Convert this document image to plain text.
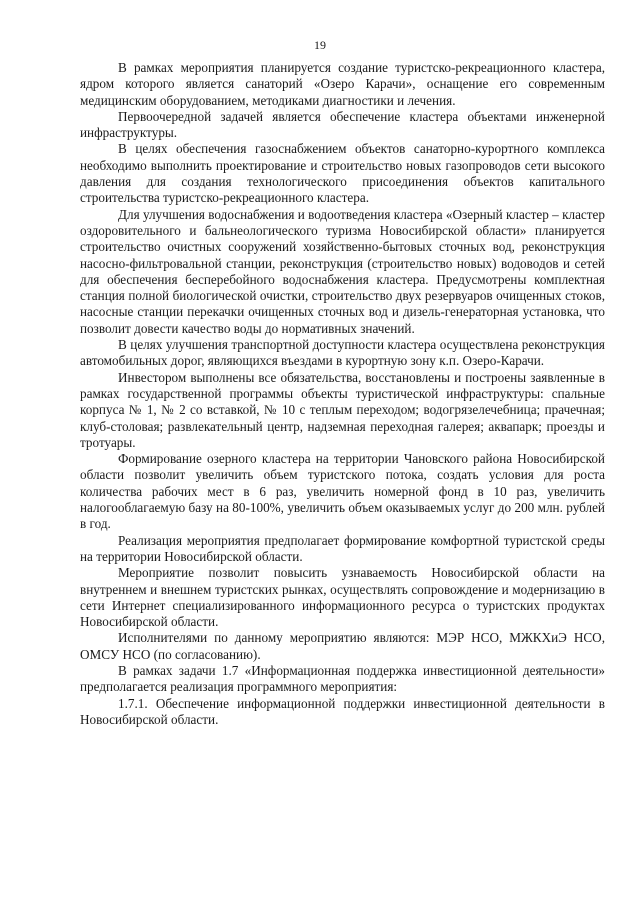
19

В рамках мероприятия планируется создание туристско-рекреационного кластера, ядром которого является санаторий «Озеро Карачи», оснащение его современным медицинским оборудованием, методиками диагностики и лечения.

Первоочередной задачей является обеспечение кластера объектами инженерной инфраструктуры.

В целях обеспечения газоснабжением объектов санаторно-курортного комплекса необходимо выполнить проектирование и строительство новых газопроводов сети высокого давления для создания технологического присоединения объектов капитального строительства туристско-рекреационного кластера.

Для улучшения водоснабжения и водоотведения кластера «Озерный кластер – кластер оздоровительного и бальнеологического туризма Новосибирской области» планируется строительство очистных сооружений хозяйственно-бытовых сточных вод, реконструкция насосно-фильтровальной станции, реконструкция (строительство новых) водоводов и сетей для обеспечения бесперебойного водоснабжения кластера. Предусмотрены комплектная станция полной биологической очистки, строительство двух резервуаров очищенных стоков, насосные станции перекачки очищенных сточных вод и дизель-генераторная установка, что позволит довести качество воды до нормативных значений.

В целях улучшения транспортной доступности кластера осуществлена реконструкция автомобильных дорог, являющихся въездами в курортную зону к.п. Озеро-Карачи.

Инвестором выполнены все обязательства, восстановлены и построены заявленные в рамках государственной программы объекты туристической инфраструктуры: спальные корпуса № 1, № 2 со вставкой, № 10 с теплым переходом; водогрязелечебница; прачечная; клуб-столовая; развлекательный центр, надземная переходная галерея; аквапарк; проезды и тротуары.

Формирование озерного кластера на территории Чановского района Новосибирской области позволит увеличить объем туристского потока, создать условия для роста количества рабочих мест в 6 раз, увеличить номерной фонд в 10 раз, увеличить налогооблагаемую базу на 80-100%, увеличить объем оказываемых услуг до 200 млн. рублей в год.

Реализация мероприятия предполагает формирование комфортной туристской среды на территории Новосибирской области.

Мероприятие позволит повысить узнаваемость Новосибирской области на внутреннем и внешнем туристских рынках, осуществлять сопровождение и модернизацию в сети Интернет специализированного информационного ресурса о туристских продуктах Новосибирской области.

Исполнителями по данному мероприятию являются: МЭР НСО, МЖКХиЭ НСО, ОМСУ НСО (по согласованию).

В рамках задачи 1.7 «Информационная поддержка инвестиционной деятельности» предполагается реализация программного мероприятия:

1.7.1. Обеспечение информационной поддержки инвестиционной деятельности в Новосибирской области.
